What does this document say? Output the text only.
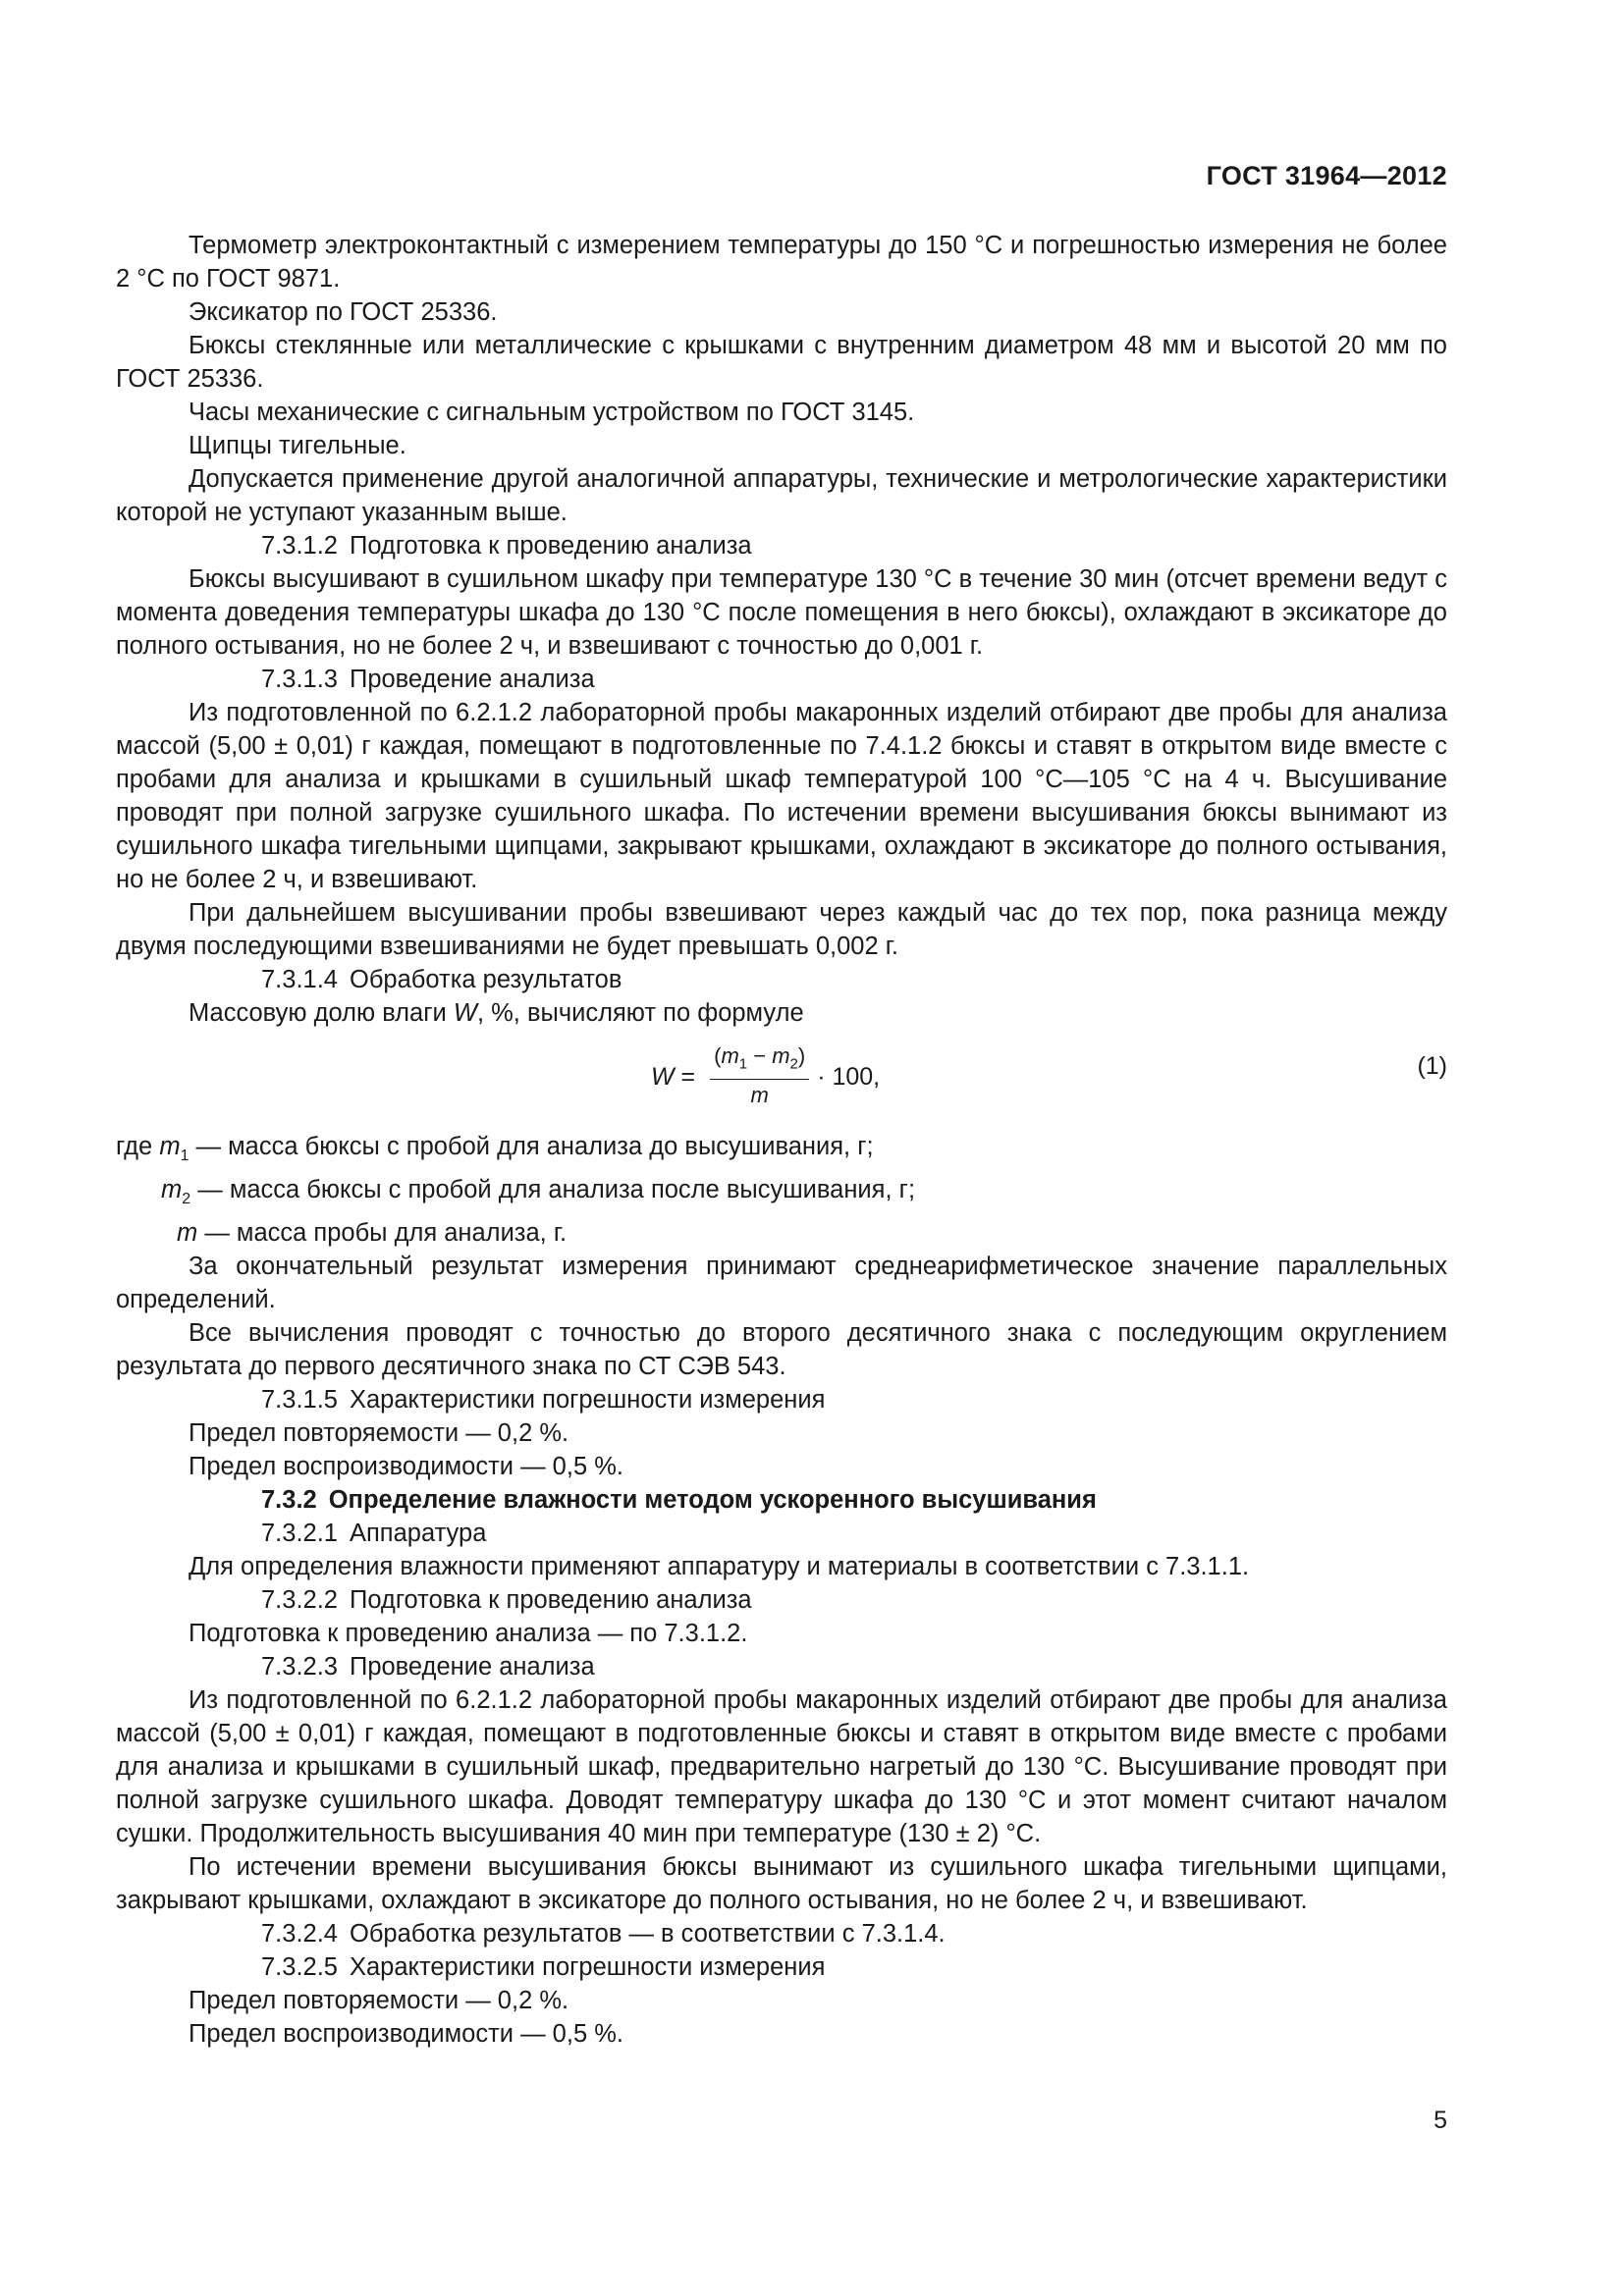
ГОСТ 31964—2012

Термометр электроконтактный с измерением температуры до 150 °С и погрешностью измерения не более 2 °С по ГОСТ 9871.

Эксикатор по ГОСТ 25336.

Бюксы стеклянные или металлические с крышками с внутренним диаметром 48 мм и высотой 20 мм по ГОСТ 25336.

Часы механические с сигнальным устройством по ГОСТ 3145.

Щипцы тигельные.

Допускается применение другой аналогичной аппаратуры, технические и метрологические характеристики которой не уступают указанным выше.

7.3.1.2 Подготовка к проведению анализа

Бюксы высушивают в сушильном шкафу при температуре 130 °С в течение 30 мин (отсчет времени ведут с момента доведения температуры шкафа до 130 °С после помещения в него бюксы), охлаждают в эксикаторе до полного остывания, но не более 2 ч, и взвешивают с точностью до 0,001 г.

7.3.1.3 Проведение анализа

Из подготовленной по 6.2.1.2 лабораторной пробы макаронных изделий отбирают две пробы для анализа массой (5,00 ± 0,01) г каждая, помещают в подготовленные по 7.4.1.2 бюксы и ставят в открытом виде вместе с пробами для анализа и крышками в сушильный шкаф температурой 100 °С—105 °С на 4 ч. Высушивание проводят при полной загрузке сушильного шкафа. По истечении времени высушивания бюксы вынимают из сушильного шкафа тигельными щипцами, закрывают крышками, охлаждают в эксикаторе до полного остывания, но не более 2 ч, и взвешивают.

При дальнейшем высушивании пробы взвешивают через каждый час до тех пор, пока разница между двумя последующими взвешиваниями не будет превышать 0,002 г.

7.3.1.4 Обработка результатов

Массовую долю влаги W, %, вычисляют по формуле

$W = \frac{(m_1 - m_2)}{m} \cdot 100$,	(1)

где $m_1$ — масса бюксы с пробой для анализа до высушивания, г;

$m_2$ — масса бюксы с пробой для анализа после высушивания, г;

m — масса пробы для анализа, г.

За окончательный результат измерения принимают среднеарифметическое значение параллельных определений.

Все вычисления проводят с точностью до второго десятичного знака с последующим округлением результата до первого десятичного знака по СТ СЭВ 543.

7.3.1.5 Характеристики погрешности измерения

Предел повторяемости — 0,2 %.

Предел воспроизводимости — 0,5 %.

7.3.2 Определение влажности методом ускоренного высушивания

7.3.2.1 Аппаратура

Для определения влажности применяют аппаратуру и материалы в соответствии с 7.3.1.1.

7.3.2.2 Подготовка к проведению анализа

Подготовка к проведению анализа — по 7.3.1.2.

7.3.2.3 Проведение анализа

Из подготовленной по 6.2.1.2 лабораторной пробы макаронных изделий отбирают две пробы для анализа массой (5,00 ± 0,01) г каждая, помещают в подготовленные бюксы и ставят в открытом виде вместе с пробами для анализа и крышками в сушильный шкаф, предварительно нагретый до 130 °С. Высушивание проводят при полной загрузке сушильного шкафа. Доводят температуру шкафа до 130 °С и этот момент считают началом сушки. Продолжительность высушивания 40 мин при температуре (130 ± 2) °С.

По истечении времени высушивания бюксы вынимают из сушильного шкафа тигельными щипцами, закрывают крышками, охлаждают в эксикаторе до полного остывания, но не более 2 ч, и взвешивают.

7.3.2.4 Обработка результатов — в соответствии с 7.3.1.4.

7.3.2.5 Характеристики погрешности измерения

Предел повторяемости — 0,2 %.

Предел воспроизводимости — 0,5 %.

5
